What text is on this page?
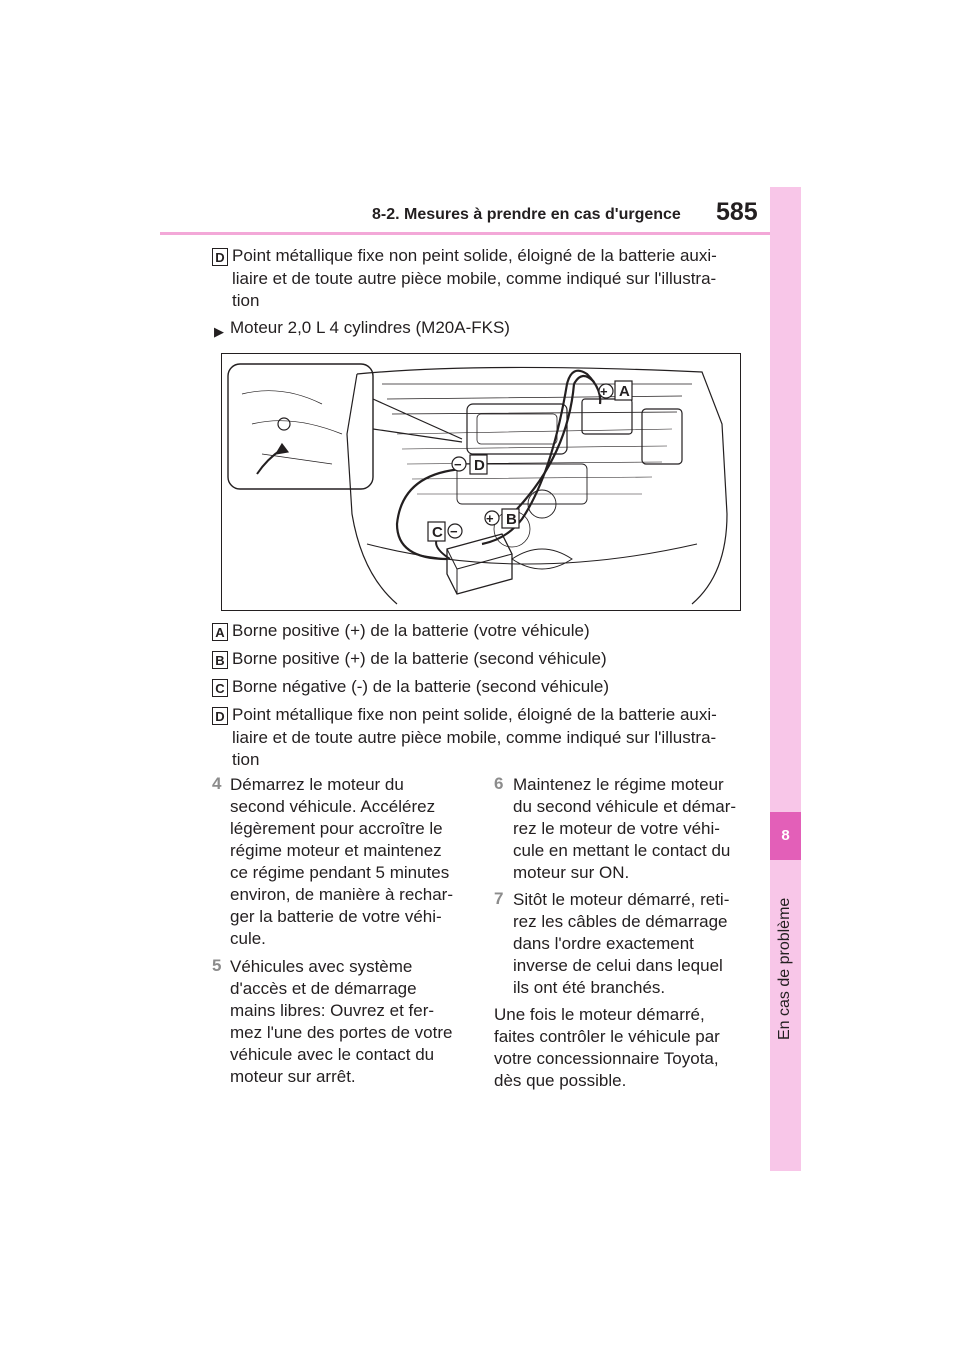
8-2. Mesures à prendre en cas d'urgence 585
8
En cas de problème
D Point métallique fixe non peint solide, éloigné de la batterie auxi-
liaire et de toute autre pièce mobile, comme indiqué sur l'illustra-
tion
▶ Moteur 2,0 L 4 cylindres (M20A-FKS)
+ A
− D
+ B
C −
A Borne positive (+) de la batterie (votre véhicule)
B Borne positive (+) de la batterie (second véhicule)
C Borne négative (-) de la batterie (second véhicule)
D Point métallique fixe non peint solide, éloigné de la batterie auxi-
liaire et de toute autre pièce mobile, comme indiqué sur l'illustra-
tion
4 Démarrez le moteur du
second véhicule. Accélérez
légèrement pour accroître le
régime moteur et maintenez
ce régime pendant 5 minutes
environ, de manière à rechar-
ger la batterie de votre véhi-
cule.
5 Véhicules avec système
d'accès et de démarrage
mains libres: Ouvrez et fer-
mez l'une des portes de votre
véhicule avec le contact du
moteur sur arrêt.
6 Maintenez le régime moteur
du second véhicule et démar-
rez le moteur de votre véhi-
cule en mettant le contact du
moteur sur ON.
7 Sitôt le moteur démarré, reti-
rez les câbles de démarrage
dans l'ordre exactement
inverse de celui dans lequel
ils ont été branchés.
Une fois le moteur démarré,
faites contrôler le véhicule par
votre concessionnaire Toyota,
dès que possible.
